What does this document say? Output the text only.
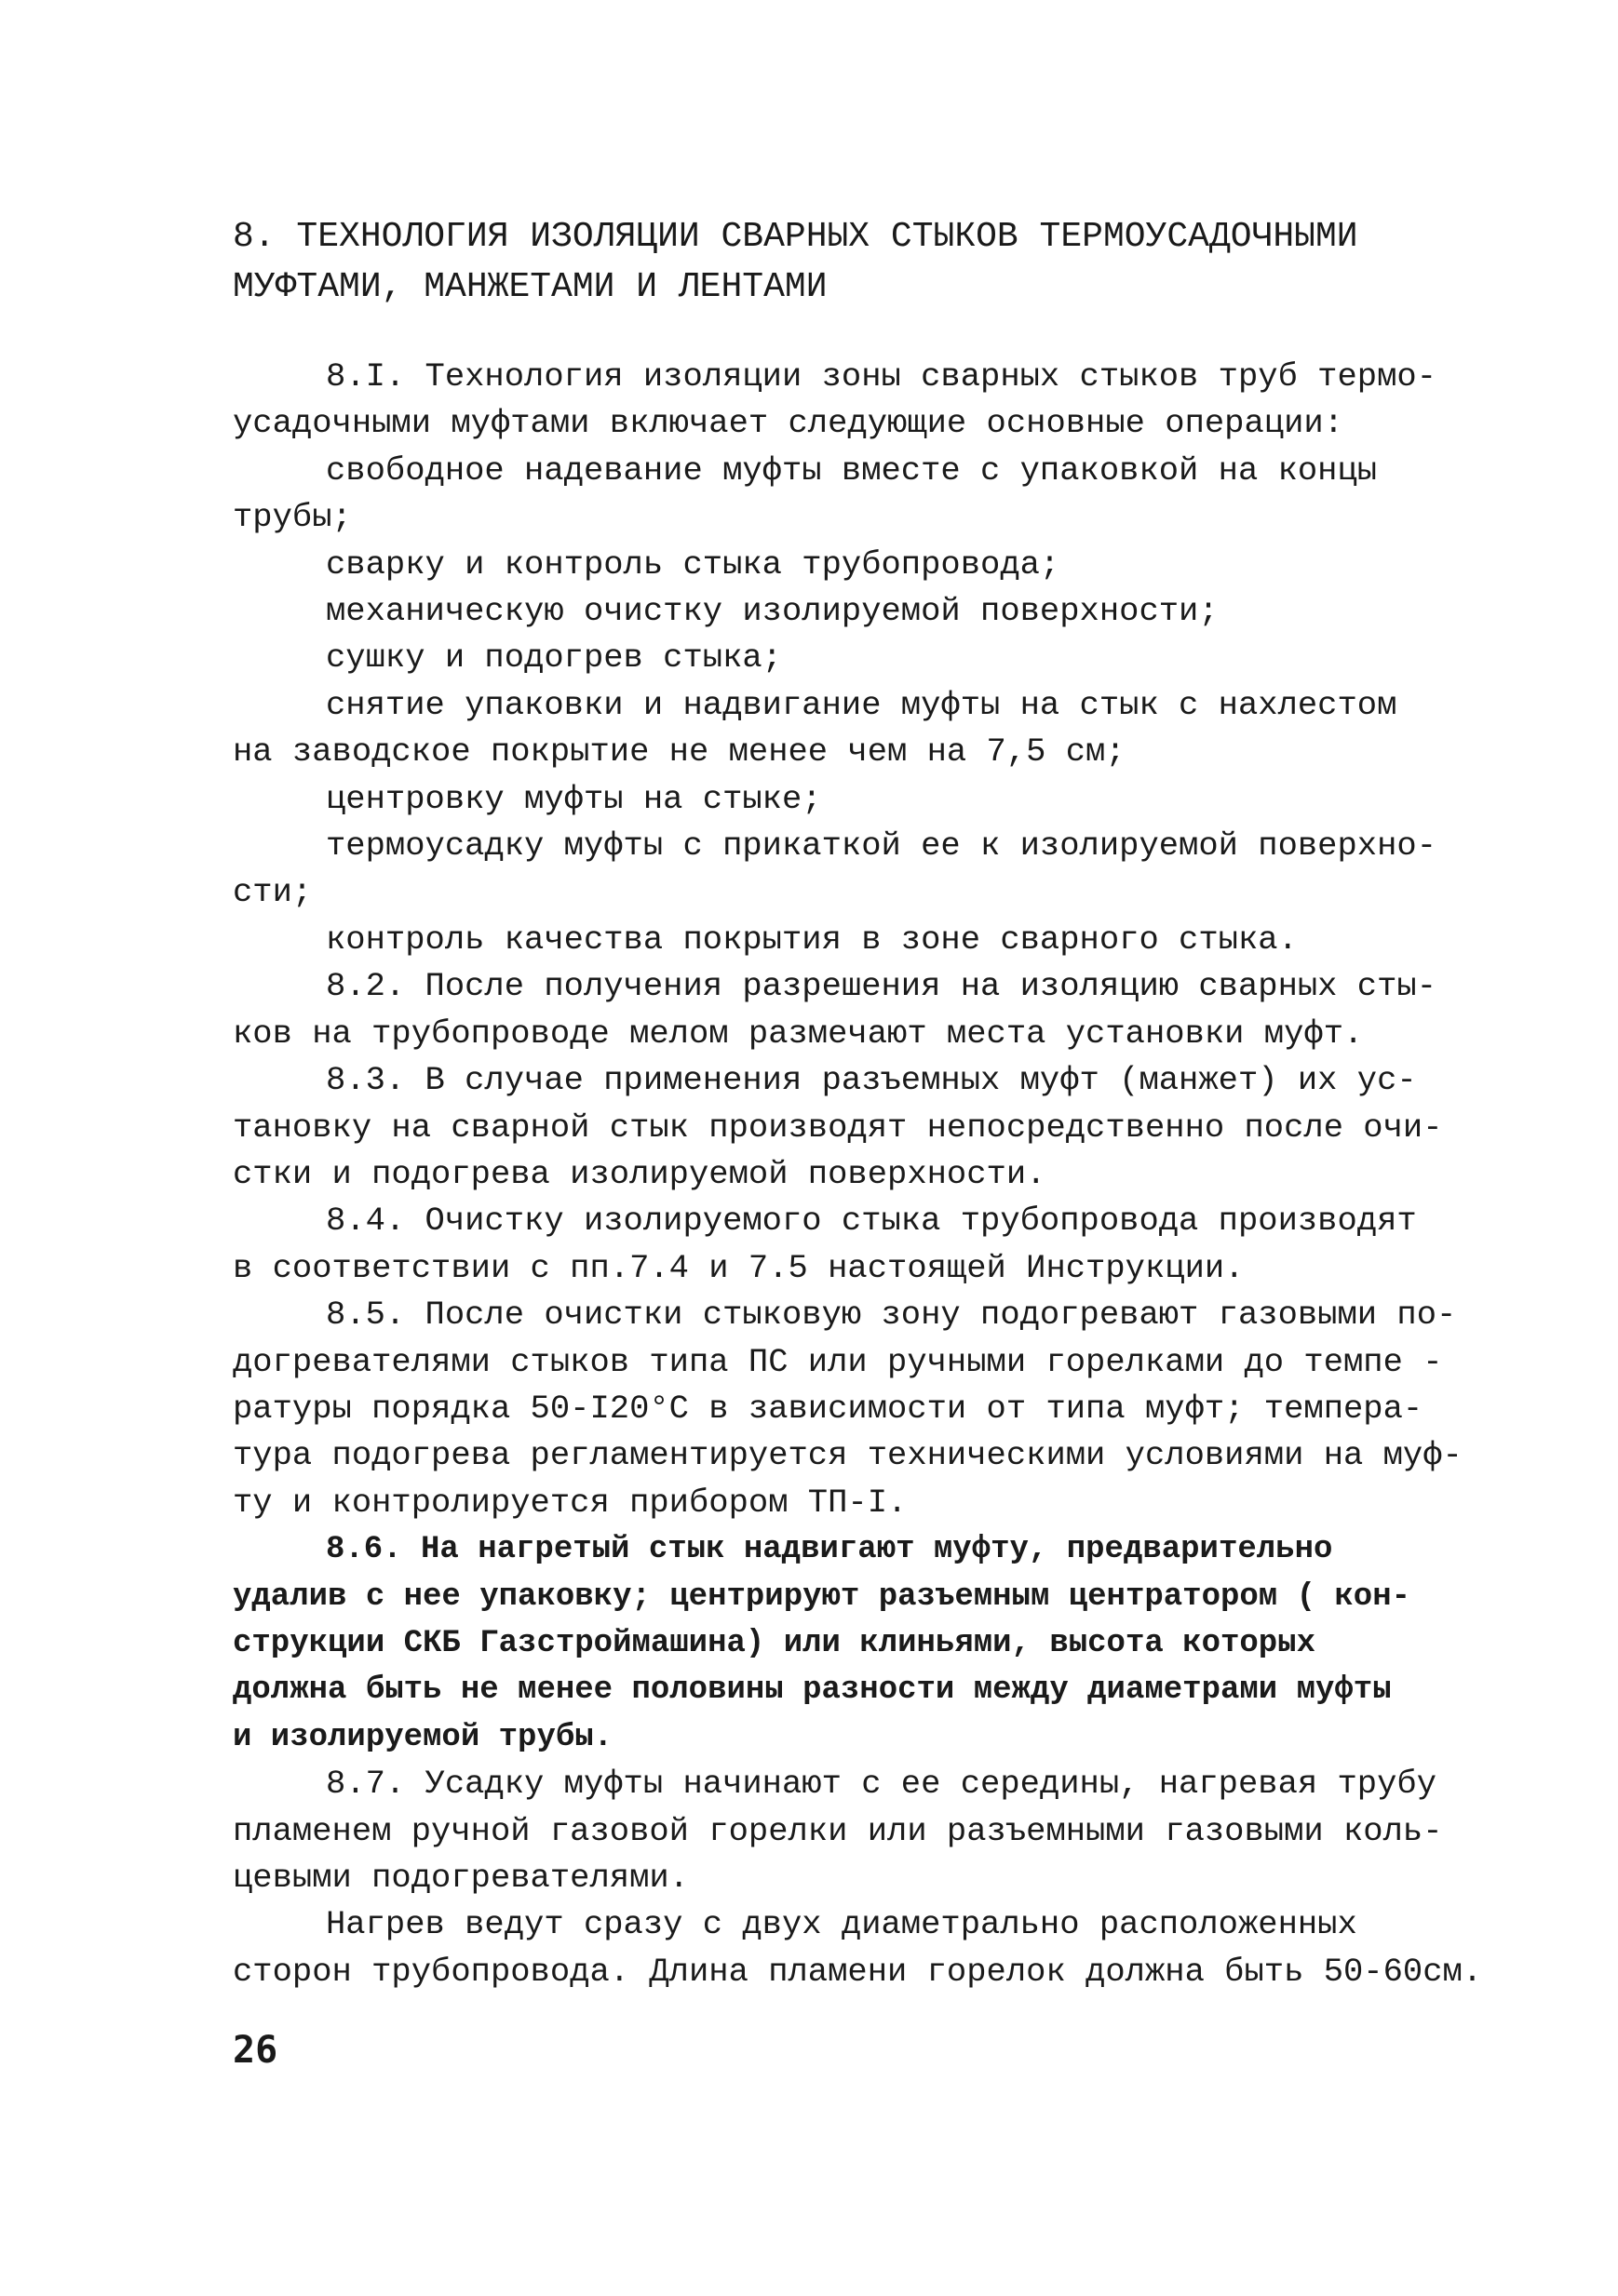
8. ТЕХНОЛОГИЯ ИЗОЛЯЦИИ СВАРНЫХ СТЫКОВ ТЕРМОУСАДОЧНЫМИ
МУФТАМИ, МАНЖЕТАМИ И ЛЕНТАМИ
8.I. Технология изоляции зоны сварных стыков труб термо-
усадочными муфтами включает следующие основные операции:
свободное надевание муфты вместе с упаковкой на концы
трубы;
сварку и контроль стыка трубопровода;
механическую очистку изолируемой поверхности;
сушку и подогрев стыка;
снятие упаковки и надвигание муфты на стык с нахлестом
на заводское покрытие не менее чем на 7,5 см;
центровку муфты на стыке;
термоусадку муфты с прикаткой ее к изолируемой поверхно-
сти;
контроль качества покрытия в зоне сварного стыка.
8.2. После получения разрешения на изоляцию сварных сты-
ков на трубопроводе мелом размечают места установки муфт.
8.3. В случае применения разъемных муфт (манжет) их ус-
тановку на сварной стык производят непосредственно после очи-
стки и подогрева изолируемой поверхности.
8.4. Очистку изолируемого стыка трубопровода производят
в соответствии с пп.7.4 и 7.5 настоящей Инструкции.
8.5. После очистки стыковую зону подогревают газовыми по-
догревателями стыков типа ПС или ручными горелками до темпе -
ратуры порядка 50-I20°С в зависимости от типа муфт; темпера-
тура подогрева регламентируется техническими условиями на муф-
ту и контролируется прибором ТП-I.
8.6. На нагретый стык надвигают муфту, предварительно
удалив с нее упаковку; центрируют разъемным центратором ( кон-
струкции СКБ Газстроймашина) или клиньями, высота которых
должна быть не менее половины разности между диаметрами муфты
и изолируемой трубы.
8.7. Усадку муфты начинают с ее середины, нагревая трубу
пламенем ручной газовой горелки или разъемными газовыми коль-
цевыми подогревателями.
Нагрев ведут сразу с двух диаметрально расположенных
сторон трубопровода. Длина пламени горелок должна быть 50-60см.
26
